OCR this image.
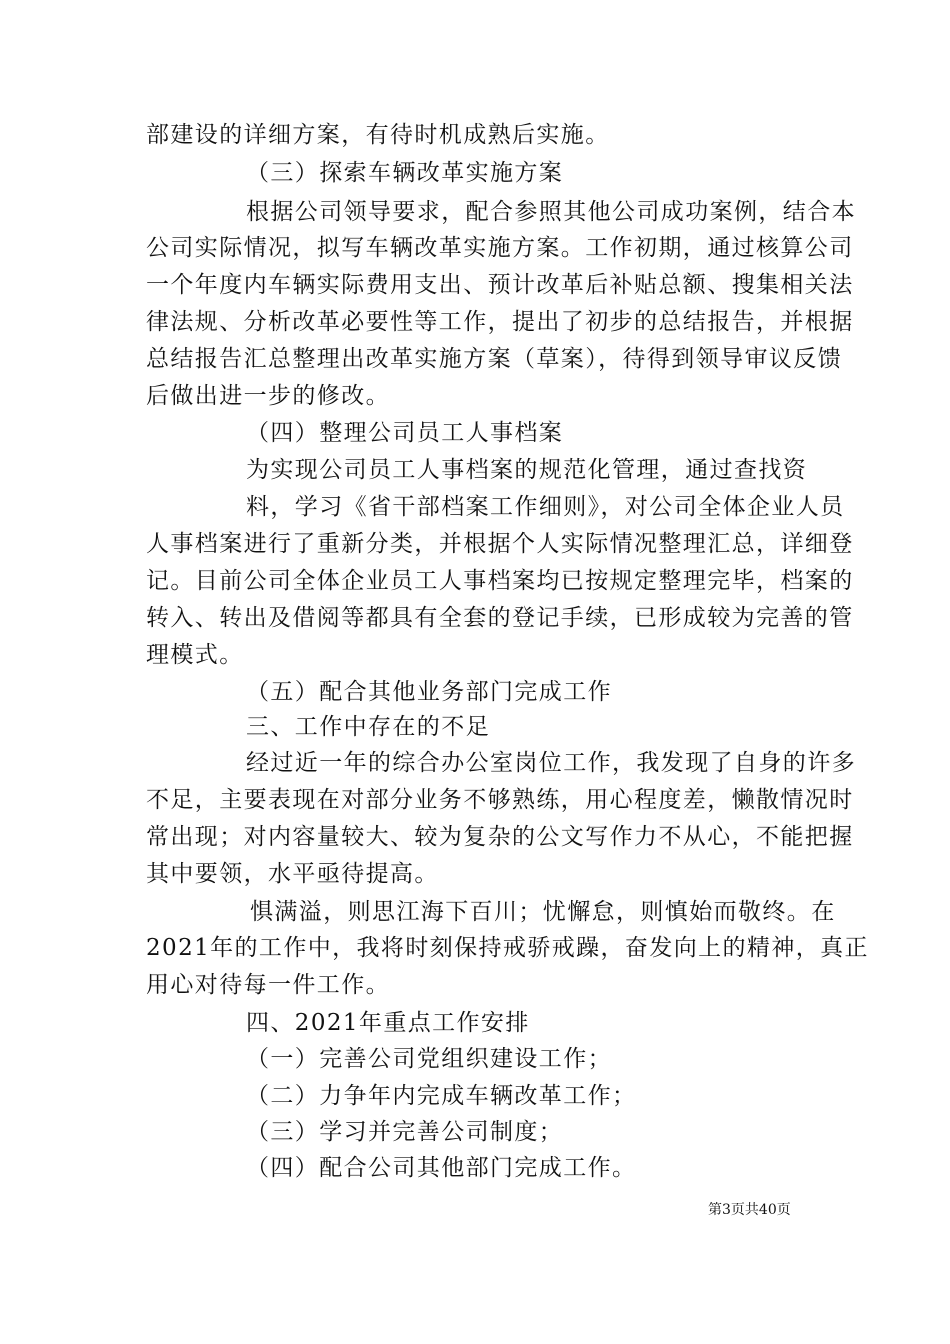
部建设的详细方案，有待时机成熟后实施。
（三）探索车辆改革实施方案
根据公司领导要求，配合参照其他公司成功案例，结合本
公司实际情况，拟写车辆改革实施方案。工作初期，通过核算公司
一个年度内车辆实际费用支出、预计改革后补贴总额、搜集相关法
律法规、分析改革必要性等工作，提出了初步的总结报告，并根据
总结报告汇总整理出改革实施方案（草案），待得到领导审议反馈
后做出进一步的修改。
（四）整理公司员工人事档案
为实现公司员工人事档案的规范化管理，通过查找资
料，学习《省干部档案工作细则》，对公司全体企业人员
人事档案进行了重新分类，并根据个人实际情况整理汇总，详细登
记。目前公司全体企业员工人事档案均已按规定整理完毕，档案的
转入、转出及借阅等都具有全套的登记手续，已形成较为完善的管
理模式。
（五）配合其他业务部门完成工作
三、工作中存在的不足
经过近一年的综合办公室岗位工作，我发现了自身的许多
不足，主要表现在对部分业务不够熟练，用心程度差，懒散情况时
常出现；对内容量较大、较为复杂的公文写作力不从心，不能把握
其中要领，水平亟待提高。
惧满溢，则思江海下百川；忧懈怠，则慎始而敬终。在
2021年的工作中，我将时刻保持戒骄戒躁，奋发向上的精神，真正
用心对待每一件工作。
四、2021年重点工作安排
（一）完善公司党组织建设工作；
（二）力争年内完成车辆改革工作；
（三）学习并完善公司制度；
（四）配合公司其他部门完成工作。
第3页共40页
